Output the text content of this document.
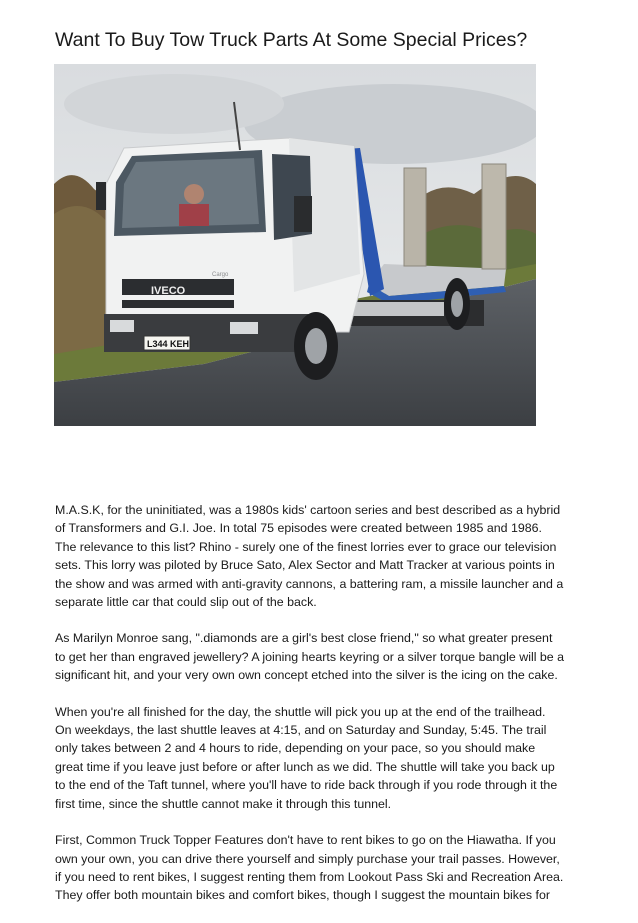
Want To Buy Tow Truck Parts At Some Special Prices?
IVECO
Cargo
L344 KEH

M.A.S.K, for the uninitiated, was a 1980s kids' cartoon series and best described as a hybrid
of Transformers and G.I. Joe. In total 75 episodes were created between 1985 and 1986.
The relevance to this list? Rhino - surely one of the finest lorries ever to grace our television
sets. This lorry was piloted by Bruce Sato, Alex Sector and Matt Tracker at various points in
the show and was armed with anti-gravity cannons, a battering ram, a missile launcher and a
separate little car that could slip out of the back.

As Marilyn Monroe sang, ".diamonds are a girl's best close friend," so what greater present
to get her than engraved jewellery? A joining hearts keyring or a silver torque bangle will be a
significant hit, and your very own own concept etched into the silver is the icing on the cake.

When you're all finished for the day, the shuttle will pick you up at the end of the trailhead.
On weekdays, the last shuttle leaves at 4:15, and on Saturday and Sunday, 5:45. The trail
only takes between 2 and 4 hours to ride, depending on your pace, so you should make
great time if you leave just before or after lunch as we did. The shuttle will take you back up
to the end of the Taft tunnel, where you'll have to ride back through if you rode through it the
first time, since the shuttle cannot make it through this tunnel.

First, Common Truck Topper Features don't have to rent bikes to go on the Hiawatha. If you
own your own, you can drive there yourself and simply purchase your trail passes. However,
if you need to rent bikes, I suggest renting them from Lookout Pass Ski and Recreation Area.
They offer both mountain bikes and comfort bikes, though I suggest the mountain bikes for
